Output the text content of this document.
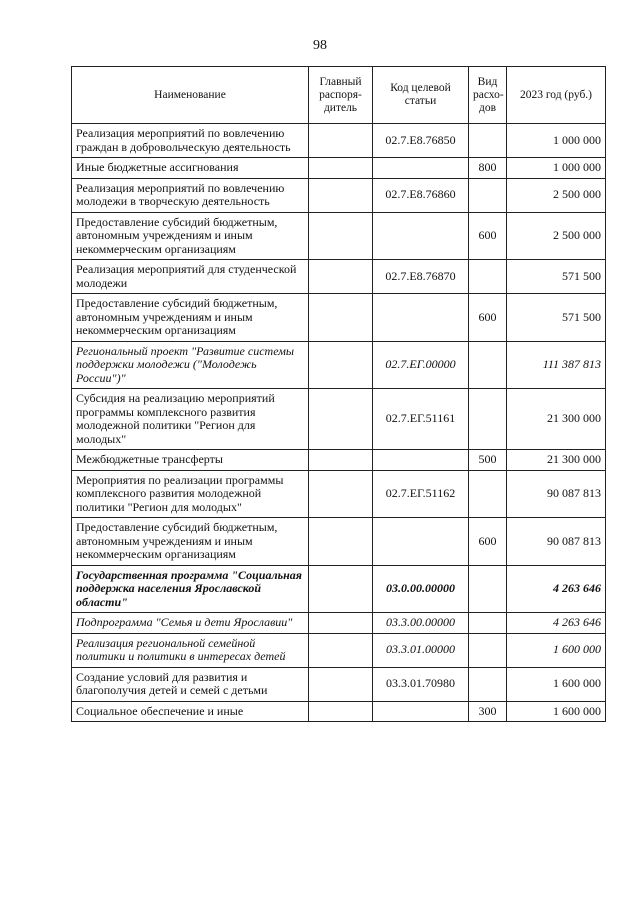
98
Наименование	Главный распоря-дитель	Код целевой статьи	Вид расхо-дов	2023 год (руб.)
Реализация мероприятий по вовлечению граждан в добровольческую деятельность		02.7.Е8.76850		1 000 000
Иные бюджетные ассигнования			800	1 000 000
Реализация мероприятий по вовлечению молодежи в творческую деятельность		02.7.Е8.76860		2 500 000
Предоставление субсидий бюджетным, автономным учреждениям и иным некоммерческим организациям			600	2 500 000
Реализация мероприятий для студенческой молодежи		02.7.Е8.76870		571 500
Предоставление субсидий бюджетным, автономным учреждениям и иным некоммерческим организациям			600	571 500
Региональный проект "Развитие системы поддержки молодежи ("Молодежь России")"		02.7.ЕГ.00000		111 387 813
Субсидия на реализацию мероприятий программы комплексного развития молодежной политики "Регион для молодых"		02.7.ЕГ.51161		21 300 000
Межбюджетные трансферты			500	21 300 000
Мероприятия по реализации программы комплексного развития молодежной политики "Регион для молодых"		02.7.ЕГ.51162		90 087 813
Предоставление субсидий бюджетным, автономным учреждениям и иным некоммерческим организациям			600	90 087 813
Государственная программа "Социальная поддержка населения Ярославской области"		03.0.00.00000		4 263 646
Подпрограмма "Семья и дети Ярославии"		03.3.00.00000		4 263 646
Реализация региональной семейной политики и политики в интересах детей		03.3.01.00000		1 600 000
Создание условий для развития и благополучия детей и семей с детьми		03.3.01.70980		1 600 000
Социальное обеспечение и иные			300	1 600 000
